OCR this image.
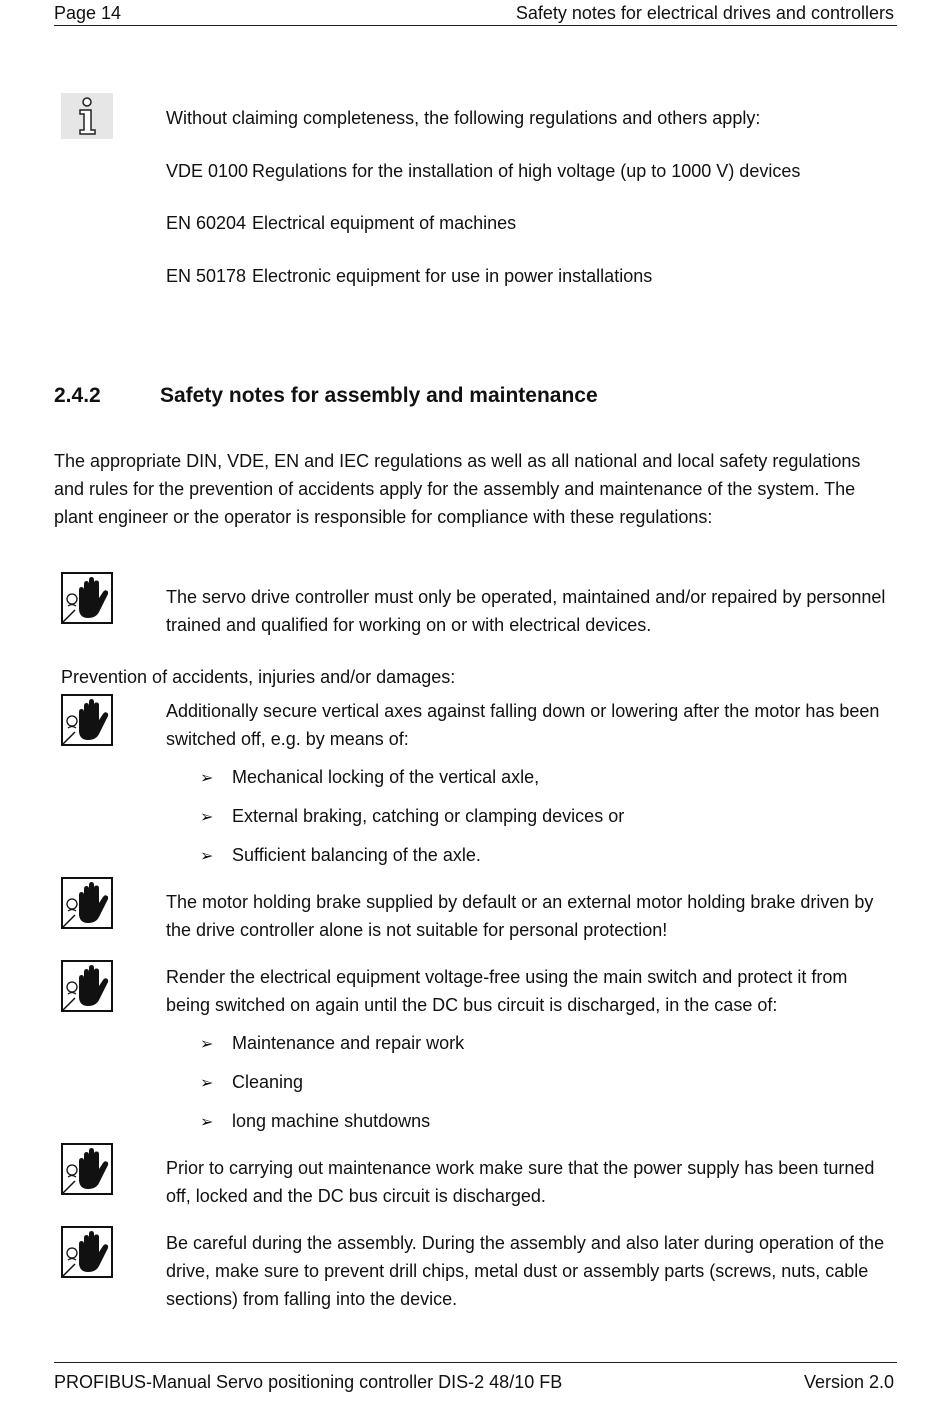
Page 14	Safety notes for electrical drives and controllers
Without claiming completeness, the following regulations and others apply:
VDE 0100 Regulations for the installation of high voltage (up to 1000 V) devices
EN 60204 Electrical equipment of machines
EN 50178 Electronic equipment for use in power installations
2.4.2	Safety notes for assembly and maintenance
The appropriate DIN, VDE, EN and IEC regulations as well as all national and local safety regulations and rules for the prevention of accidents apply for the assembly and maintenance of the system. The plant engineer or the operator is responsible for compliance with these regulations:
The servo drive controller must only be operated, maintained and/or repaired by personnel trained and qualified for working on or with electrical devices.
Prevention of accidents, injuries and/or damages:
Additionally secure vertical axes against falling down or lowering after the motor has been switched off, e.g. by means of:
➢ Mechanical locking of the vertical axle,
➢ External braking, catching or clamping devices or
➢ Sufficient balancing of the axle.
The motor holding brake supplied by default or an external motor holding brake driven by the drive controller alone is not suitable for personal protection!
Render the electrical equipment voltage-free using the main switch and protect it from being switched on again until the DC bus circuit is discharged, in the case of:
➢ Maintenance and repair work
➢ Cleaning
➢ long machine shutdowns
Prior to carrying out maintenance work make sure that the power supply has been turned off, locked and the DC bus circuit is discharged.
Be careful during the assembly. During the assembly and also later during operation of the drive, make sure to prevent drill chips, metal dust or assembly parts (screws, nuts, cable sections) from falling into the device.
PROFIBUS-Manual Servo positioning controller DIS-2 48/10 FB	Version 2.0
